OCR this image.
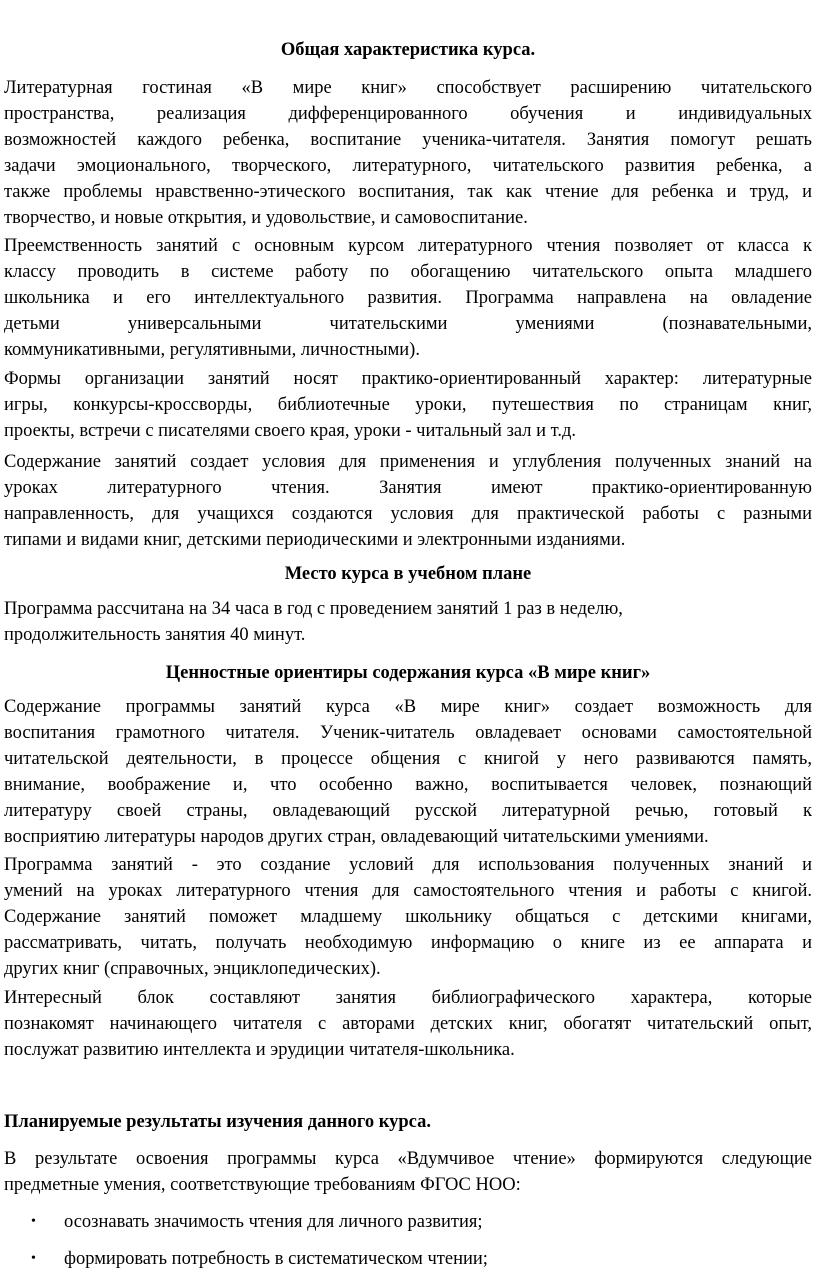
Общая характеристика курса.
Литературная гостиная «В мире книг» способствует расширению читательского
пространства, реализация дифференцированного обучения и индивидуальных
возможностей каждого ребенка, воспитание ученика-читателя. Занятия помогут решать
задачи эмоционального, творческого, литературного, читательского развития ребенка, а
также проблемы нравственно-этического воспитания, так как чтение для ребенка и труд, и
творчество, и новые открытия, и удовольствие, и самовоспитание.
Преемственность занятий с основным курсом литературного чтения позволяет от класса к
классу проводить в системе работу по обогащению читательского опыта младшего
школьника и его интеллектуального развития. Программа направлена на овладение
детьми универсальными читательскими умениями (познавательными,
коммуникативными, регулятивными, личностными).
Формы организации занятий носят практико-ориентированный характер: литературные
игры, конкурсы-кроссворды, библиотечные уроки, путешествия по страницам книг,
проекты, встречи с писателями своего края, уроки - читальный зал и т.д.
Содержание занятий создает условия для применения и углубления полученных знаний на
уроках литературного чтения. Занятия имеют практико-ориентированную
направленность, для учащихся создаются условия для практической работы с разными
типами и видами книг, детскими периодическими и электронными изданиями.
Место курса в учебном плане
Программа рассчитана на 34 часа в год с проведением занятий 1 раз в неделю,
продолжительность занятия 40 минут.
Ценностные ориентиры содержания курса «В мире книг»
Содержание программы занятий курса «В мире книг» создает возможность для
воспитания грамотного читателя. Ученик-читатель овладевает основами самостоятельной
читательской деятельности, в процессе общения с книгой у него развиваются память,
внимание, воображение и, что особенно важно, воспитывается человек, познающий
литературу своей страны, овладевающий русской литературной речью, готовый к
восприятию литературы народов других стран, овладевающий читательскими умениями.
Программа занятий - это создание условий для использования полученных знаний и
умений на уроках литературного чтения для самостоятельного чтения и работы с книгой.
Содержание занятий поможет младшему школьнику общаться с детскими книгами,
рассматривать, читать, получать необходимую информацию о книге из ее аппарата и
других книг (справочных, энциклопедических).
Интересный блок составляют занятия библиографического характера, которые
познакомят начинающего читателя с авторами детских книг, обогатят читательский опыт,
послужат развитию интеллекта и эрудиции читателя-школьника.
Планируемые результаты изучения данного курса.
В результате освоения программы курса «Вдумчивое чтение» формируются следующие
предметные умения, соответствующие требованиям ФГОС НОО:
• осознавать значимость чтения для личного развития;
• формировать потребность в систематическом чтении;
